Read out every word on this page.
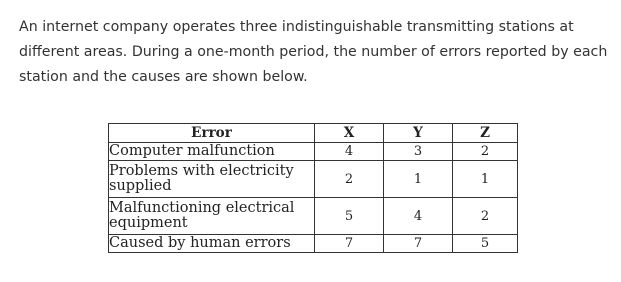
An internet company operates three indistinguishable transmitting stations at different areas. During a one-month period, the number of errors reported by each station and the causes are shown below.

Error	X	Y	Z
Computer malfunction	4	3	2
Problems with electricity supplied	2	1	1
Malfunctioning electrical equipment	5	4	2
Caused by human errors	7	7	5
